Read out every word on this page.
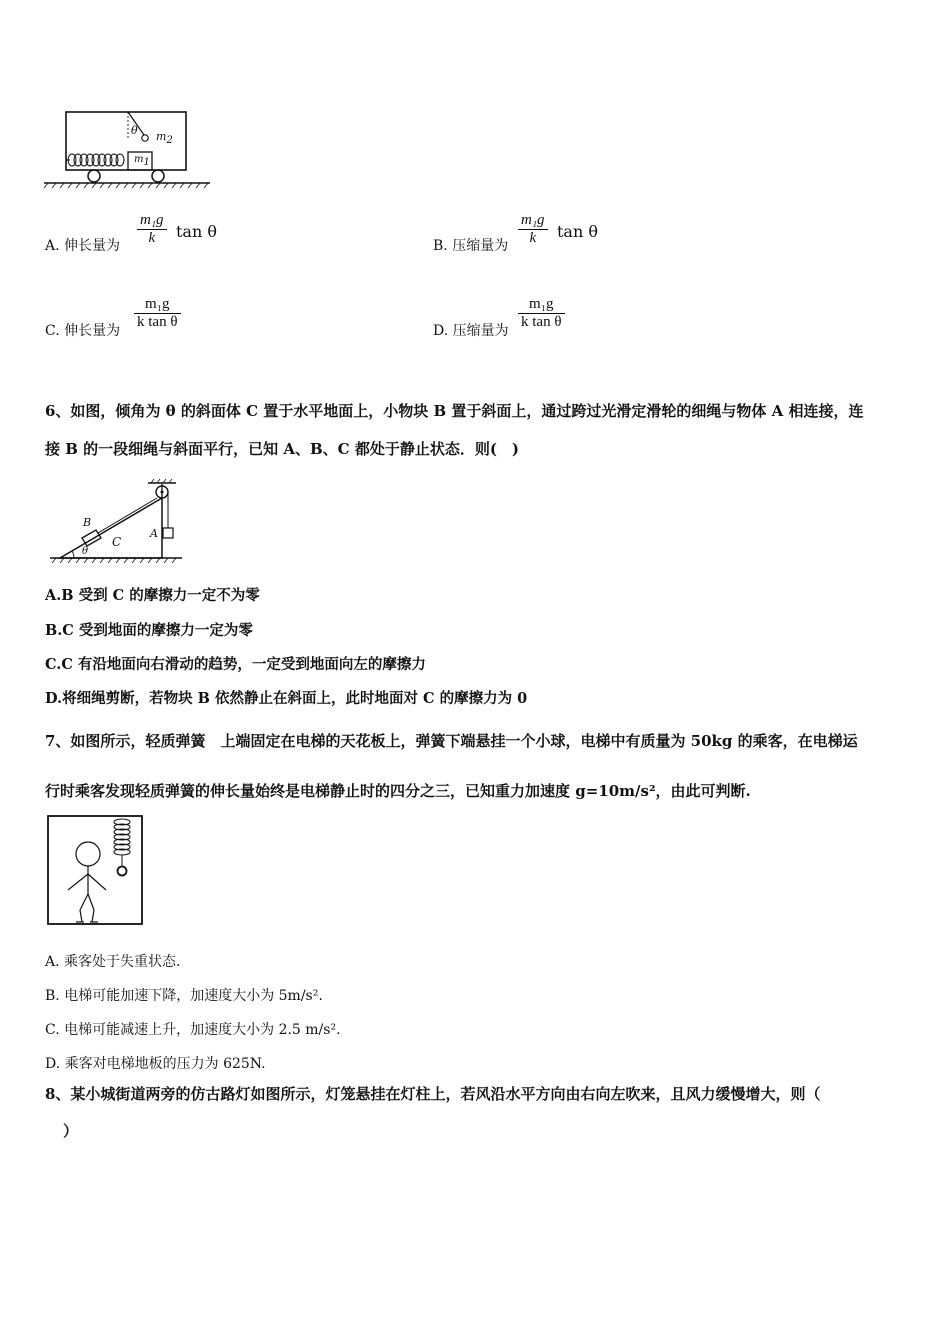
θ $m_2$
$m_1$
A. 伸长量为 $\frac{\text{m₁g}}{k}$ tan θ
B. 压缩量为 $\frac{\text{m₁g}}{k}$ tan θ
C. 伸长量为 $\frac{\text{m₁g}}{\text{k tan θ}}$	D. 压缩量为 $\frac{\text{m₁g}}{\text{k tan θ}}$
6、如图，倾角为 θ 的斜面体 C 置于水平地面上，小物块 B 置于斜面上，通过跨过光滑定滑轮的细绳与物体 A 相连接，连
接 B 的一段细绳与斜面平行，已知 A、B、C 都处于静止状态．则(　)
B
C
A
θ
A.B 受到 C 的摩擦力一定不为零
B.C 受到地面的摩擦力一定为零
C.C 有沿地面向右滑动的趋势，一定受到地面向左的摩擦力
D.将细绳剪断，若物块 B 依然静止在斜面上，此时地面对 C 的摩擦力为 0
7、如图所示，轻质弹簧　上端固定在电梯的天花板上，弹簧下端悬挂一个小球，电梯中有质量为 50kg 的乘客，在电梯运
行时乘客发现轻质弹簧的伸长量始终是电梯静止时的四分之三，已知重力加速度 g=10m/s²，由此可判断.
A. 乘客处于失重状态.
B. 电梯可能加速下降，加速度大小为 5m/s².
C. 电梯可能减速上升，加速度大小为 2.5 m/s².
D. 乘客对电梯地板的压力为 625N.
8、某小城街道两旁的仿古路灯如图所示，灯笼悬挂在灯柱上，若风沿水平方向由右向左吹来，且风力缓慢增大，则（
）
